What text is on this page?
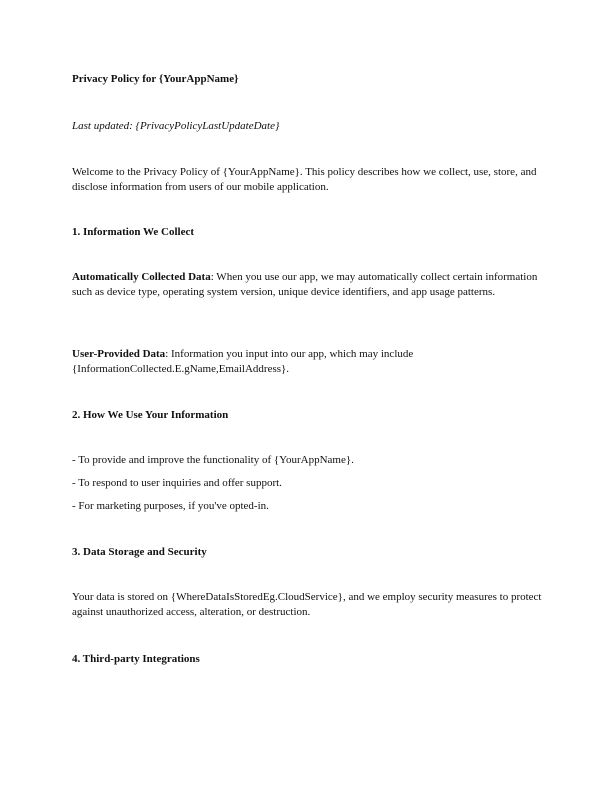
Privacy Policy for {YourAppName}

Last updated: {PrivacyPolicyLastUpdateDate}

Welcome to the Privacy Policy of {YourAppName}. This policy describes how we collect, use, store, and disclose information from users of our mobile application.

1. Information We Collect

Automatically Collected Data: When you use our app, we may automatically collect certain information such as device type, operating system version, unique device identifiers, and app usage patterns.

User-Provided Data: Information you input into our app, which may include {InformationCollected.E.gName,EmailAddress}.

2. How We Use Your Information

- To provide and improve the functionality of {YourAppName}.

- To respond to user inquiries and offer support.

- For marketing purposes, if you've opted-in.

3. Data Storage and Security

Your data is stored on {WhereDataIsStoredEg.CloudService}, and we employ security measures to protect against unauthorized access, alteration, or destruction.

4. Third-party Integrations
